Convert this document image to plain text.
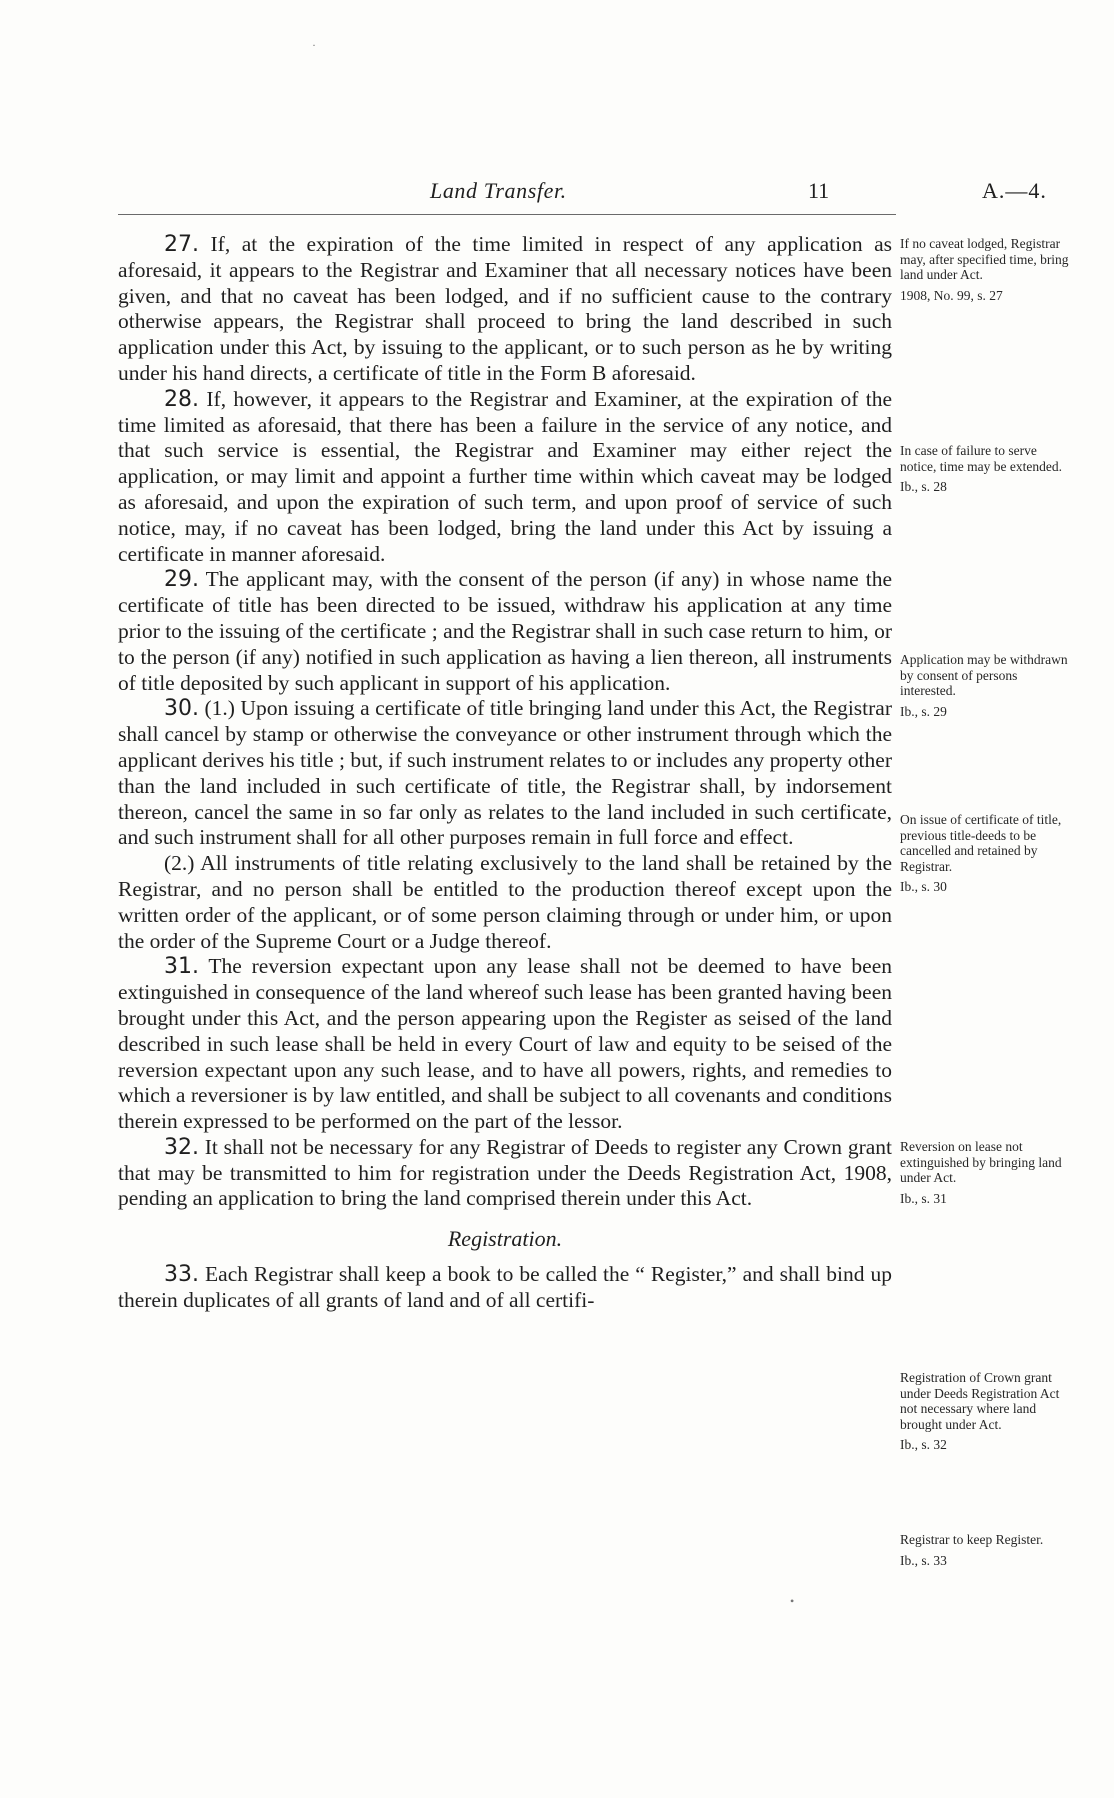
Land Transfer.	11	A.—4.

27. If, at the expiration of the time limited in respect of any application as aforesaid, it appears to the Registrar and Examiner that all necessary notices have been given, and that no caveat has been lodged, and if no sufficient cause to the contrary otherwise appears, the Registrar shall proceed to bring the land described in such application under this Act, by issuing to the applicant, or to such person as he by writing under his hand directs, a certificate of title in the Form B aforesaid.

28. If, however, it appears to the Registrar and Examiner, at the expiration of the time limited as aforesaid, that there has been a failure in the service of any notice, and that such service is essential, the Registrar and Examiner may either reject the application, or may limit and appoint a further time within which caveat may be lodged as aforesaid, and upon the expiration of such term, and upon proof of service of such notice, may, if no caveat has been lodged, bring the land under this Act by issuing a certificate in manner aforesaid.

29. The applicant may, with the consent of the person (if any) in whose name the certificate of title has been directed to be issued, withdraw his application at any time prior to the issuing of the certificate ; and the Registrar shall in such case return to him, or to the person (if any) notified in such application as having a lien thereon, all instruments of title deposited by such applicant in support of his application.

30. (1.) Upon issuing a certificate of title bringing land under this Act, the Registrar shall cancel by stamp or otherwise the conveyance or other instrument through which the applicant derives his title ; but, if such instrument relates to or includes any property other than the land included in such certificate of title, the Registrar shall, by indorsement thereon, cancel the same in so far only as relates to the land included in such certificate, and such instrument shall for all other purposes remain in full force and effect.

(2.) All instruments of title relating exclusively to the land shall be retained by the Registrar, and no person shall be entitled to the production thereof except upon the written order of the applicant, or of some person claiming through or under him, or upon the order of the Supreme Court or a Judge thereof.

31. The reversion expectant upon any lease shall not be deemed to have been extinguished in consequence of the land whereof such lease has been granted having been brought under this Act, and the person appearing upon the Register as seised of the land described in such lease shall be held in every Court of law and equity to be seised of the reversion expectant upon any such lease, and to have all powers, rights, and remedies to which a reversioner is by law entitled, and shall be subject to all covenants and conditions therein expressed to be performed on the part of the lessor.

32. It shall not be necessary for any Registrar of Deeds to register any Crown grant that may be transmitted to him for registration under the Deeds Registration Act, 1908, pending an application to bring the land comprised therein under this Act.

Registration.

33. Each Registrar shall keep a book to be called the “ Register,” and shall bind up therein duplicates of all grants of land and of all certifi-

If no caveat lodged, Registrar may, after specified time, bring land under Act.
1908, No. 99, s. 27
In case of failure to serve notice, time may be extended.
Ib., s. 28
Application may be withdrawn by consent of persons interested.
Ib., s. 29
On issue of certificate of title, previous title-deeds to be cancelled and retained by Registrar.
Ib., s. 30
Reversion on lease not extinguished by bringing land under Act.
Ib., s. 31
Registration of Crown grant under Deeds Registration Act not necessary where land brought under Act.
Ib., s. 32
Registrar to keep Register.
Ib., s. 33
·
•
